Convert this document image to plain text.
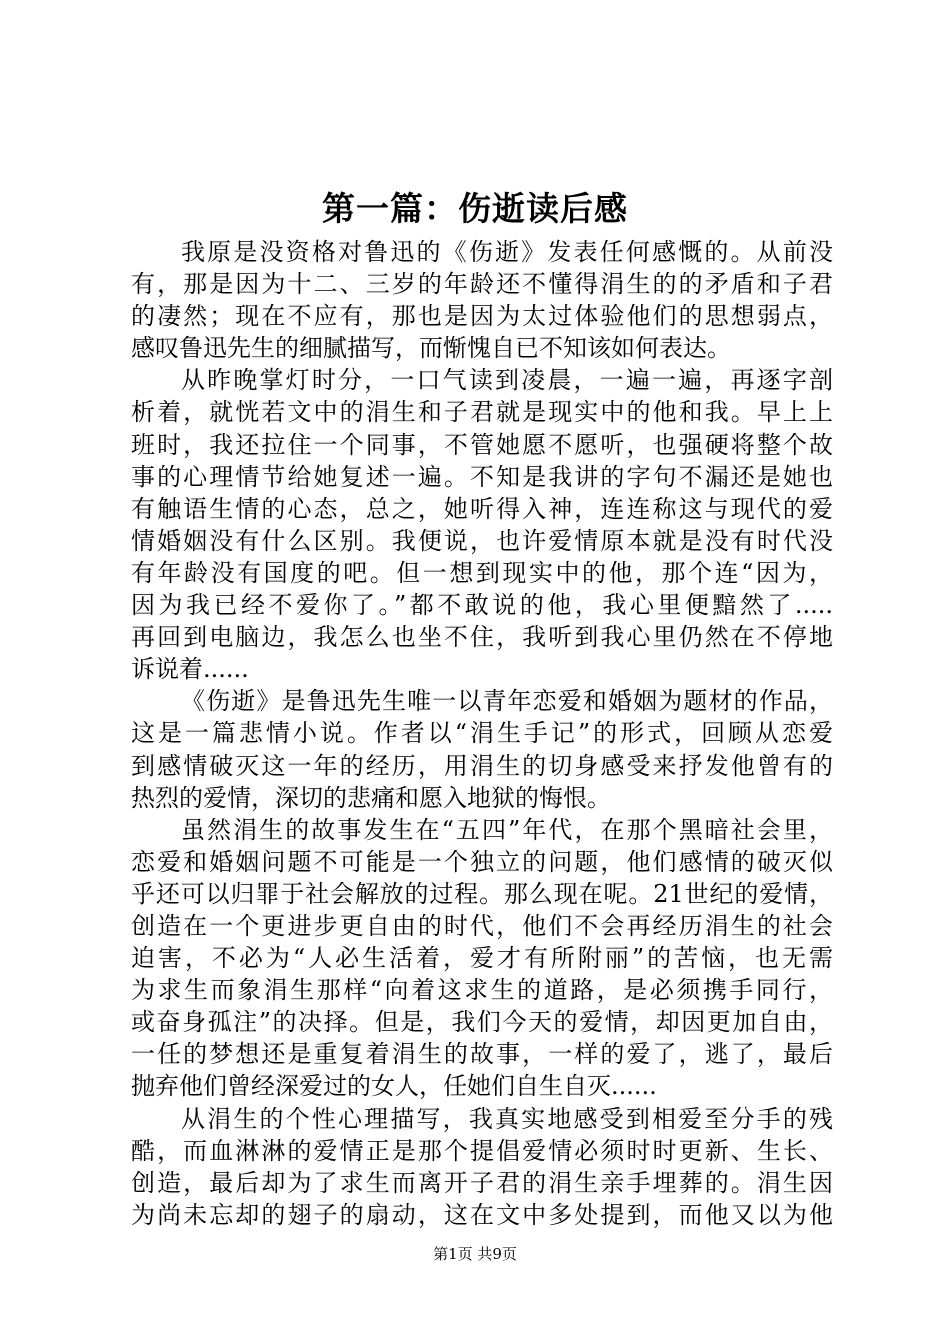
第一篇：伤逝读后感
我原是没资格对鲁迅的《伤逝》发表任何感慨的。从前没
有，那是因为十二、三岁的年龄还不懂得涓生的的矛盾和子君
的凄然；现在不应有，那也是因为太过体验他们的思想弱点，
感叹鲁迅先生的细腻描写，而惭愧自已不知该如何表达。
从昨晚掌灯时分，一口气读到凌晨，一遍一遍，再逐字剖
析着，就恍若文中的涓生和子君就是现实中的他和我。早上上
班时，我还拉住一个同事，不管她愿不愿听，也强硬将整个故
事的心理情节给她复述一遍。不知是我讲的字句不漏还是她也
有触语生情的心态，总之，她听得入神，连连称这与现代的爱
情婚姻没有什么区别。我便说，也许爱情原本就是没有时代没
有年龄没有国度的吧。但一想到现实中的他，那个连“因为，
因为我已经不爱你了。”都不敢说的他，我心里便黯然了.....
再回到电脑边，我怎么也坐不住，我听到我心里仍然在不停地
诉说着......
《伤逝》是鲁迅先生唯一以青年恋爱和婚姻为题材的作品，
这是一篇悲情小说。作者以“涓生手记”的形式，回顾从恋爱
到感情破灭这一年的经历，用涓生的切身感受来抒发他曾有的
热烈的爱情，深切的悲痛和愿入地狱的悔恨。
虽然涓生的故事发生在“五四”年代，在那个黑暗社会里，
恋爱和婚姻问题不可能是一个独立的问题，他们感情的破灭似
乎还可以归罪于社会解放的过程。那么现在呢。21世纪的爱情，
创造在一个更进步更自由的时代，他们不会再经历涓生的社会
迫害，不必为“人必生活着，爱才有所附丽”的苦恼，也无需
为求生而象涓生那样“向着这求生的道路，是必须携手同行，
或奋身孤注”的决择。但是，我们今天的爱情，却因更加自由，
一任的梦想还是重复着涓生的故事，一样的爱了，逃了，最后
抛弃他们曾经深爱过的女人，任她们自生自灭......
从涓生的个性心理描写，我真实地感受到相爱至分手的残
酷，而血淋淋的爱情正是那个提倡爱情必须时时更新、生长、
创造，最后却为了求生而离开子君的涓生亲手埋葬的。涓生因
为尚未忘却的翅子的扇动，这在文中多处提到，而他又以为他
第1页 共9页
